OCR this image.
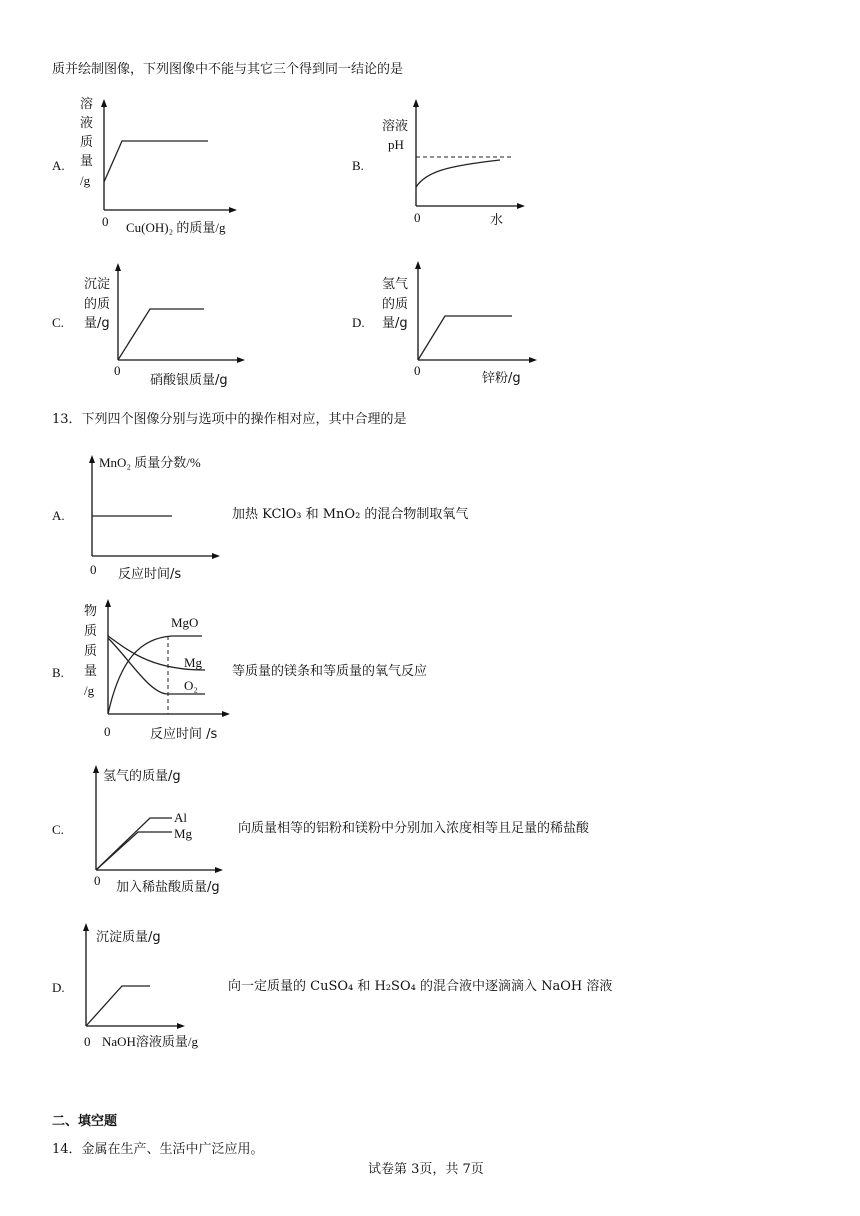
质并绘制图像，下列图像中不能与其它三个得到同一结论的是
A.
溶
液
质
量
/g
0 Cu(OH)₂ 的质量/g
B.
溶液
pH
0	水
C.
沉淀
的质
量/g
0
硝酸银质量/g
D.
氢气
的质
量/g
0
锌粉/g
13．下列四个图像分别与选项中的操作相对应，其中合理的是
A.
MnO₂ 质量分数/%
0 反应时间/s
加热 KClO₃ 和 MnO₂ 的混合物制取氧气
B.
物
质
质
量
/g
MgO
Mg
O₂
0	反应时间 /s
等质量的镁条和等质量的氧气反应
C.
氢气的质量/g
Al
Mg
0 加入稀盐酸质量/g
向质量相等的铝粉和镁粉中分别加入浓度相等且足量的稀盐酸
D.
沉淀质量/g
0 NaOH溶液质量/g
向一定质量的 CuSO₄ 和 H₂SO₄ 的混合液中逐滴滴入 NaOH 溶液
二、填空题
14．金属在生产、生活中广泛应用。
试卷第 3页，共 7页
